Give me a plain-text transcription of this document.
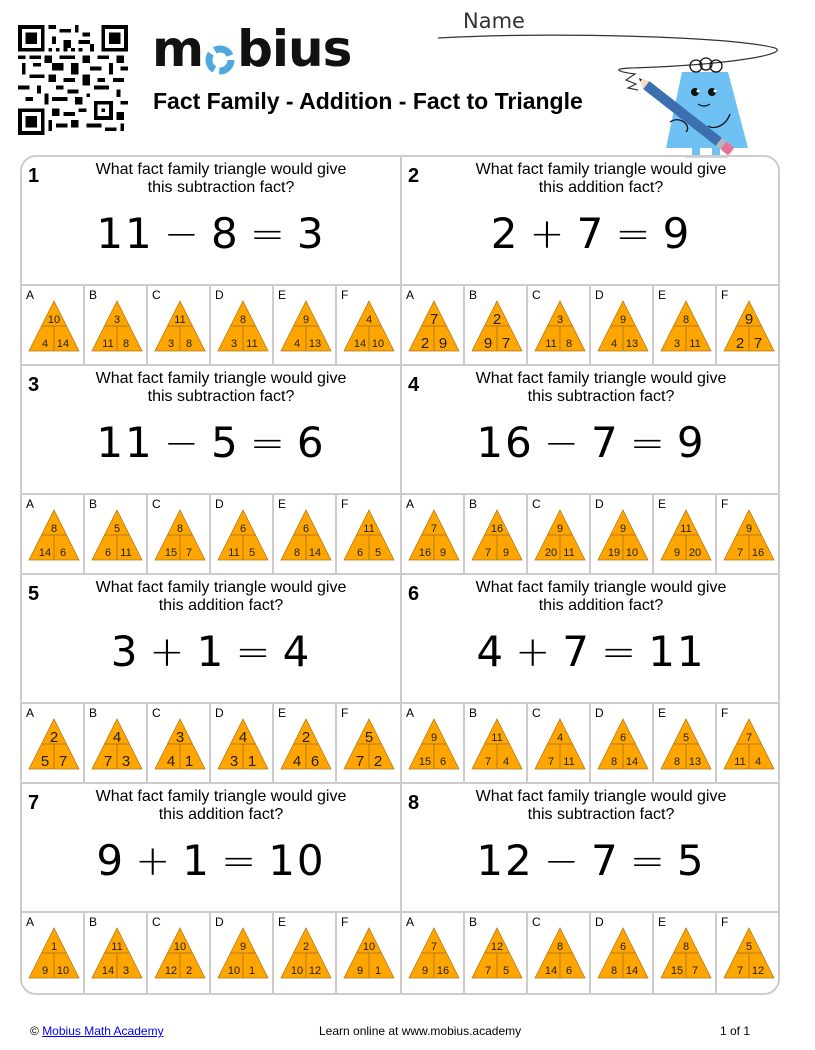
m bius
Fact Family - Addition - Fact to Triangle
Name
1	What fact family triangle would give
this subtraction fact?
11 − 8 = 3
A
10
4 14
B
3
11 8
C
11
3 8
D
8
3 11
E
9
4 13
F
4
14 10
2	What fact family triangle would give
this addition fact?
2 + 7 = 9
A
7
2 9
B
2
9 7
C
3
11 8
D
9
4 13
E
8
3 11
F
9
2 7
3	What fact family triangle would give
this subtraction fact?
11 − 5 = 6
A
8
14 6
B
5
6 11
C
8
15 7
D
6
11 5
E
6
8 14
F
11
6 5
4	What fact family triangle would give
this subtraction fact?
16 − 7 = 9
A
7
16 9
B
16
7 9
C
9
20 11
D
9
19 10
E
11
9 20
F
9
7 16
5	What fact family triangle would give
this addition fact?
3 + 1 = 4
A
2
5 7
B
4
7 3
C
3
4 1
D
4
3 1
E
2
4 6
F
5
7 2
6	What fact family triangle would give
this addition fact?
4 + 7 = 11
A
9
15 6
B
11
7 4
C
4
7 11
D
6
8 14
E
5
8 13
F
7
11 4
7	What fact family triangle would give
this addition fact?
9 + 1 = 10
A
1
9 10
B
11
14 3
C
10
12 2
D
9
10 1
E
2
10 12
F
10
9 1
8	What fact family triangle would give
this subtraction fact?
12 − 7 = 5
A
7
9 16
B
12
7 5
C
8
14 6
D
6
8 14
E
8
15 7
F
5
7 12
© Mobius Math Academy	Learn online at www.mobius.academy	1 of 1
